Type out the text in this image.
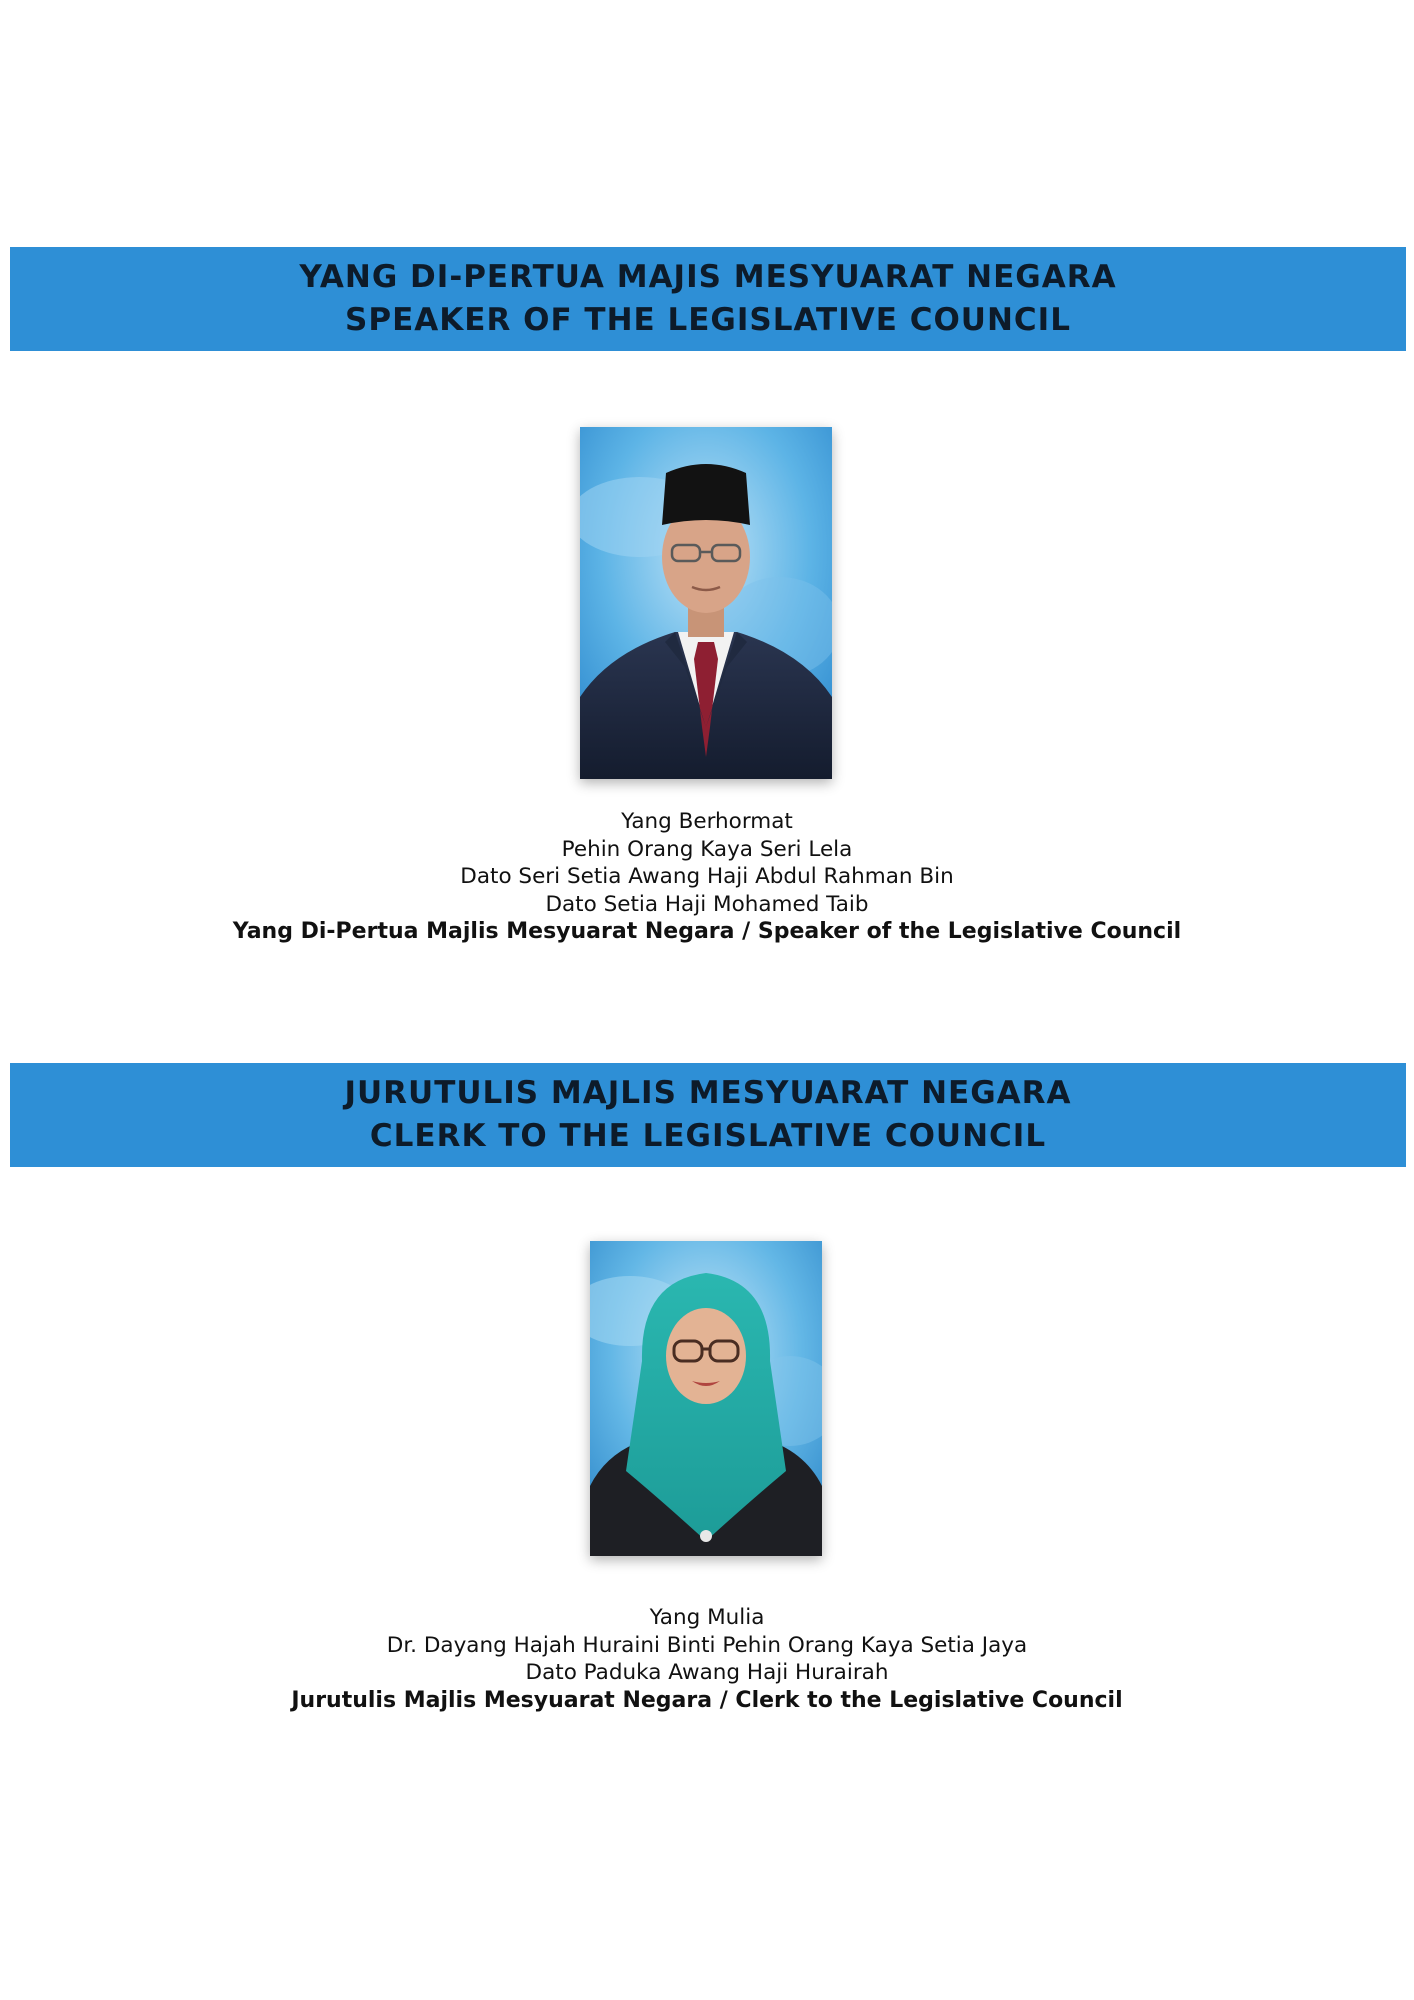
YANG DI-PERTUA MAJIS MESYUARAT NEGARA
SPEAKER OF THE LEGISLATIVE COUNCIL
Yang Berhormat
Pehin Orang Kaya Seri Lela
Dato Seri Setia Awang Haji Abdul Rahman Bin
Dato Setia Haji Mohamed Taib
Yang Di-Pertua Majlis Mesyuarat Negara / Speaker of the Legislative Council
JURUTULIS MAJLIS MESYUARAT NEGARA
CLERK TO THE LEGISLATIVE COUNCIL
Yang Mulia
Dr. Dayang Hajah Huraini Binti Pehin Orang Kaya Setia Jaya
Dato Paduka Awang Haji Hurairah
Jurutulis Majlis Mesyuarat Negara / Clerk to the Legislative Council
